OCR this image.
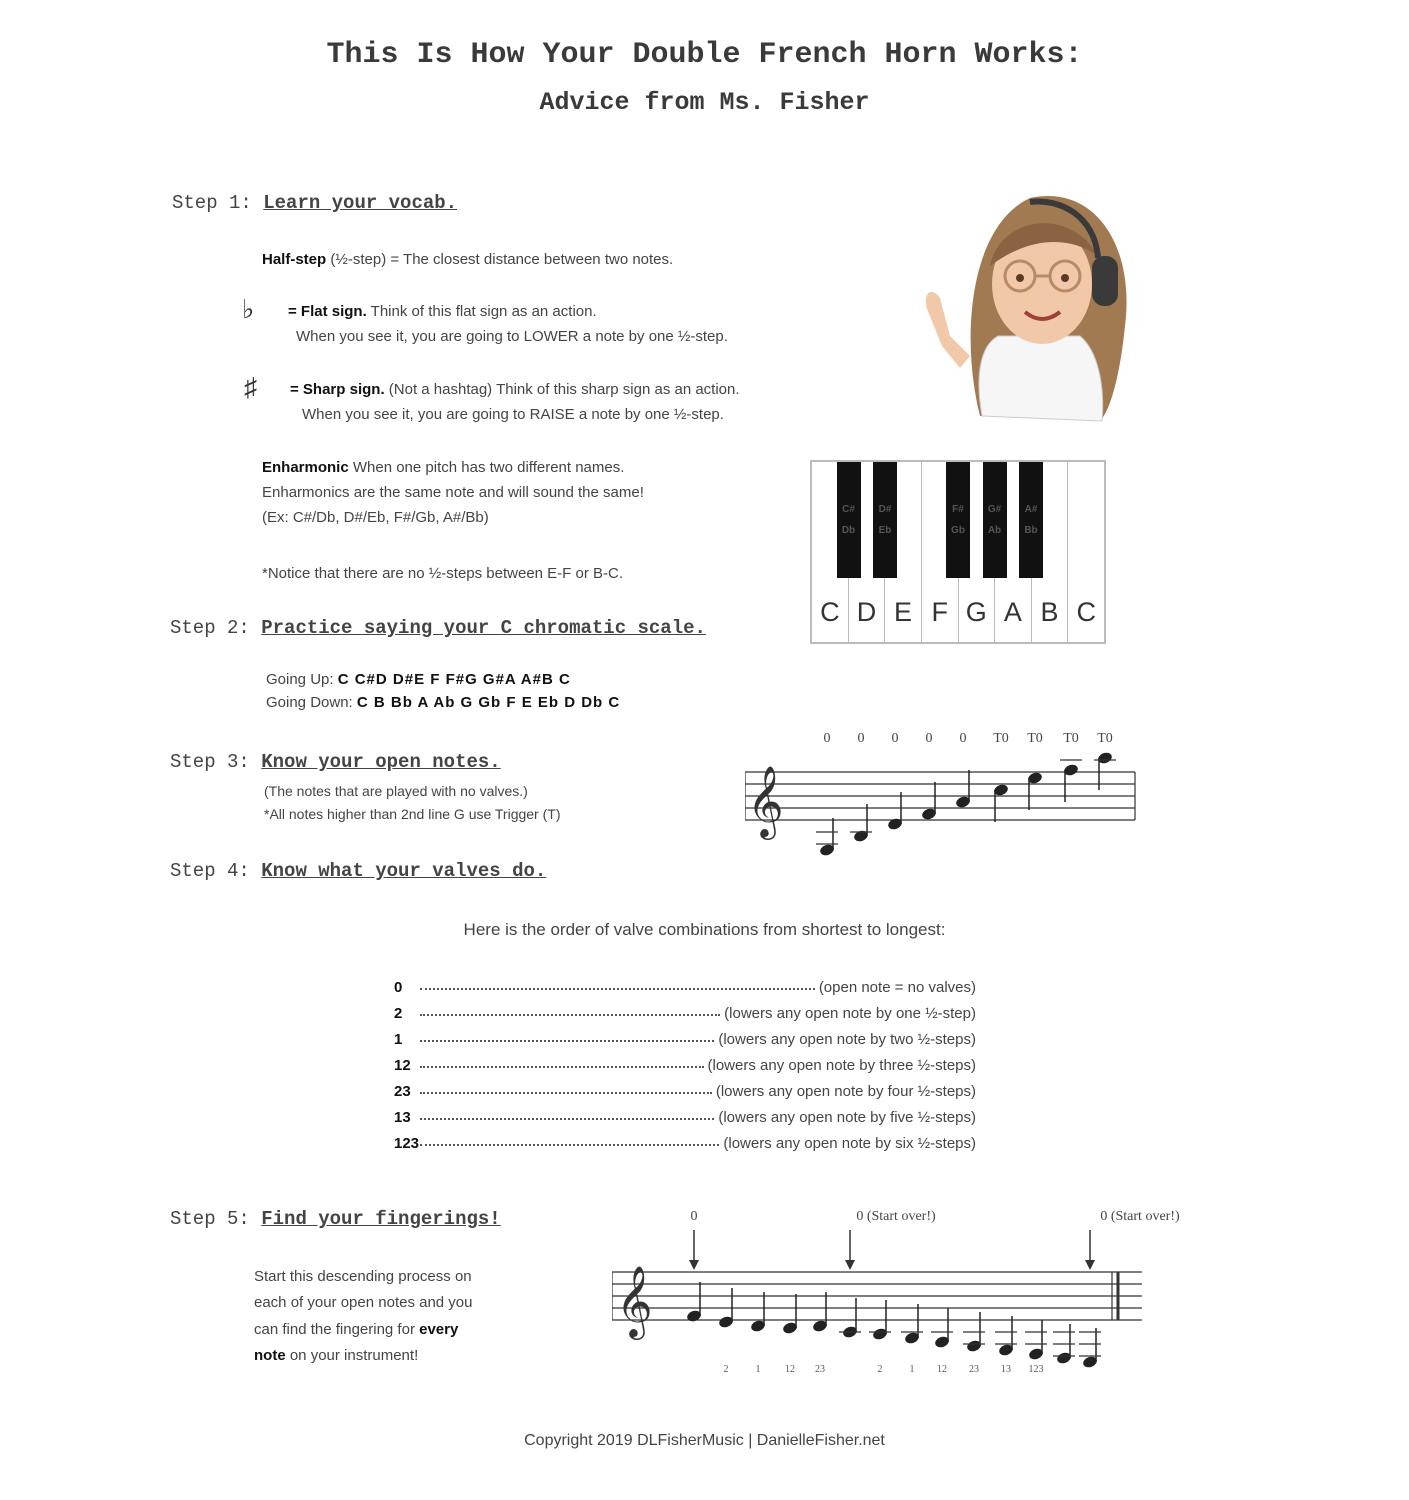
This Is How Your Double French Horn Works:
Advice from Ms. Fisher
Step 1: Learn your vocab.
Half-step (½-step) = The closest distance between two notes.
♭ = Flat sign. Think of this flat sign as an action.
When you see it, you are going to LOWER a note by one ½-step.
♯ = Sharp sign. (Not a hashtag) Think of this sharp sign as an action.
When you see it, you are going to RAISE a note by one ½-step.
Enharmonic When one pitch has two different names.
Enharmonics are the same note and will sound the same!
(Ex: C#/Db, D#/Eb, F#/Gb, A#/Bb)
*Notice that there are no ½-steps between E-F or B-C.
C D E F G A B C
C#
Db
D#
Eb
F#
Gb
G#
Ab
A#
Bb
Step 2: Practice saying your C chromatic scale.
Going Up: C C#D D#E F F#G G#A A#B C
Going Down: C B Bb A Ab G Gb F E Eb D Db C
Step 3: Know your open notes.
(The notes that are played with no valves.)
*All notes higher than 2nd line G use Trigger (T)
0 0 0 0 0 T0 T0 T0 T0
𝄞
Step 4: Know what your valves do.
Here is the order of valve combinations from shortest to longest:
0	(open note = no valves)
2	(lowers any open note by one ½-step)
1	(lowers any open note by two ½-steps)
12	(lowers any open note by three ½-steps)
23	(lowers any open note by four ½-steps)
13	(lowers any open note by five ½-steps)
123	(lowers any open note by six ½-steps)
Step 5: Find your fingerings!
Start this descending process on
each of your open notes and you
can find the fingering for every
note on your instrument!
0	0 (Start over!)	0 (Start over!)
𝄞
2	1 12 23	2	1 12 23 13 123
Copyright 2019 DLFisherMusic | DanielleFisher.net
